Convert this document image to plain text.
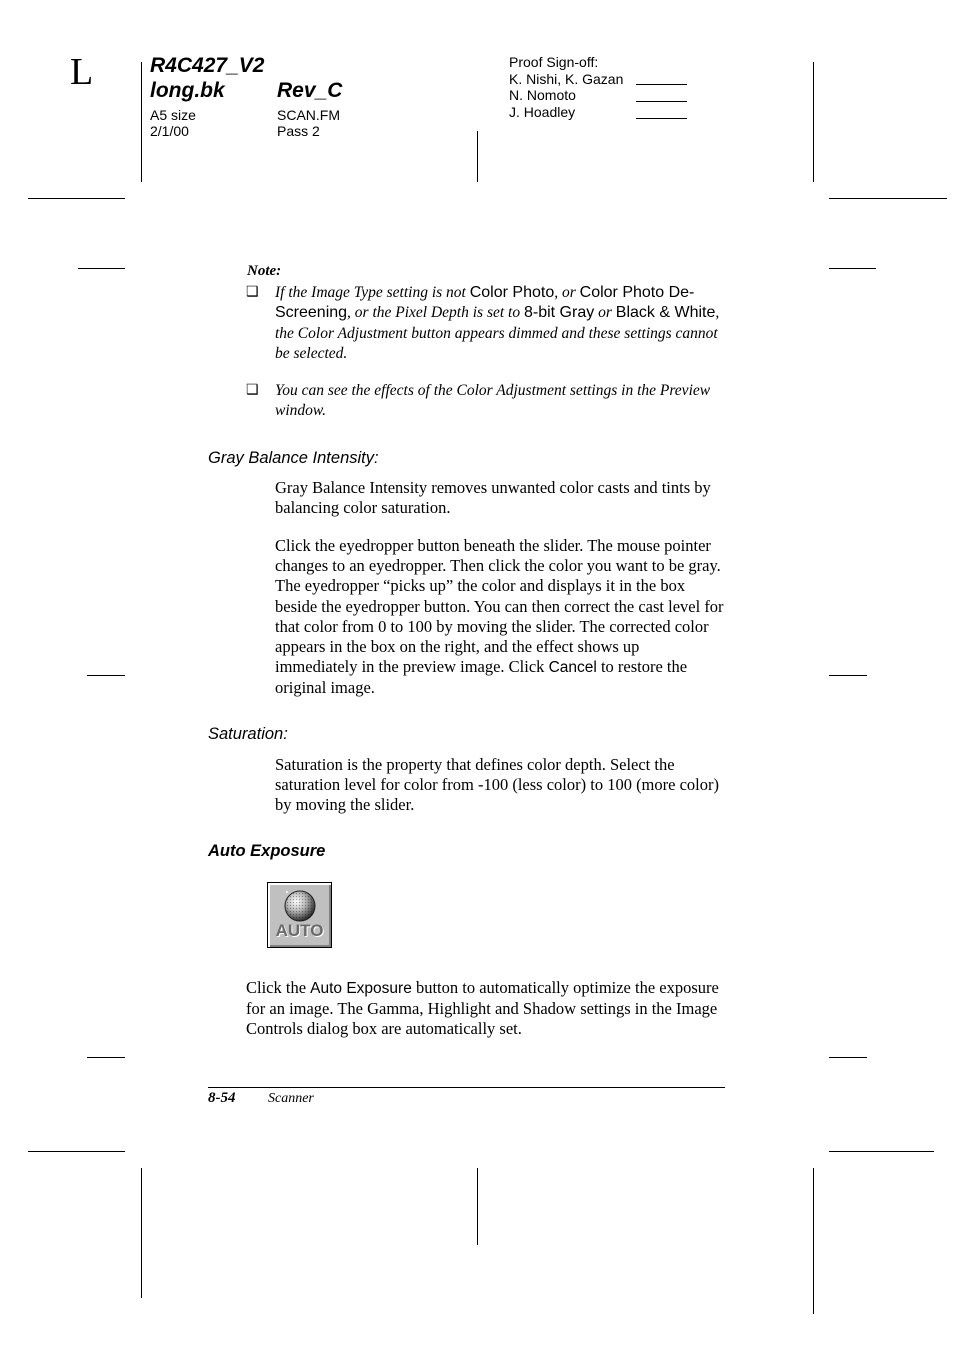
L	R4C427_V2
long.bk Rev_C
A5 size
2/1/00
SCAN.FM
Pass 2
Proof Sign-off:
K. Nishi, K. Gazan
N. Nomoto
J. Hoadley
Note:
❑ If the Image Type setting is not Color Photo, or Color Photo De-Screening, or the Pixel Depth is set to 8-bit Gray or Black & White, the Color Adjustment button appears dimmed and these settings cannot be selected.
❑ You can see the effects of the Color Adjustment settings in the Preview window.
Gray Balance Intensity:
Gray Balance Intensity removes unwanted color casts and tints by balancing color saturation.
Click the eyedropper button beneath the slider. The mouse pointer changes to an eyedropper. Then click the color you want to be gray. The eyedropper “picks up” the color and displays it in the box beside the eyedropper button. You can then correct the cast level for that color from 0 to 100 by moving the slider. The corrected color appears in the box on the right, and the effect shows up immediately in the preview image. Click Cancel to restore the original image.
Saturation:
Saturation is the property that defines color depth. Select the saturation level for color from -100 (less color) to 100 (more color) by moving the slider.
Auto Exposure
AUTO
Click the Auto Exposure button to automatically optimize the exposure for an image. The Gamma, Highlight and Shadow settings in the Image Controls dialog box are automatically set.
8-54 Scanner
